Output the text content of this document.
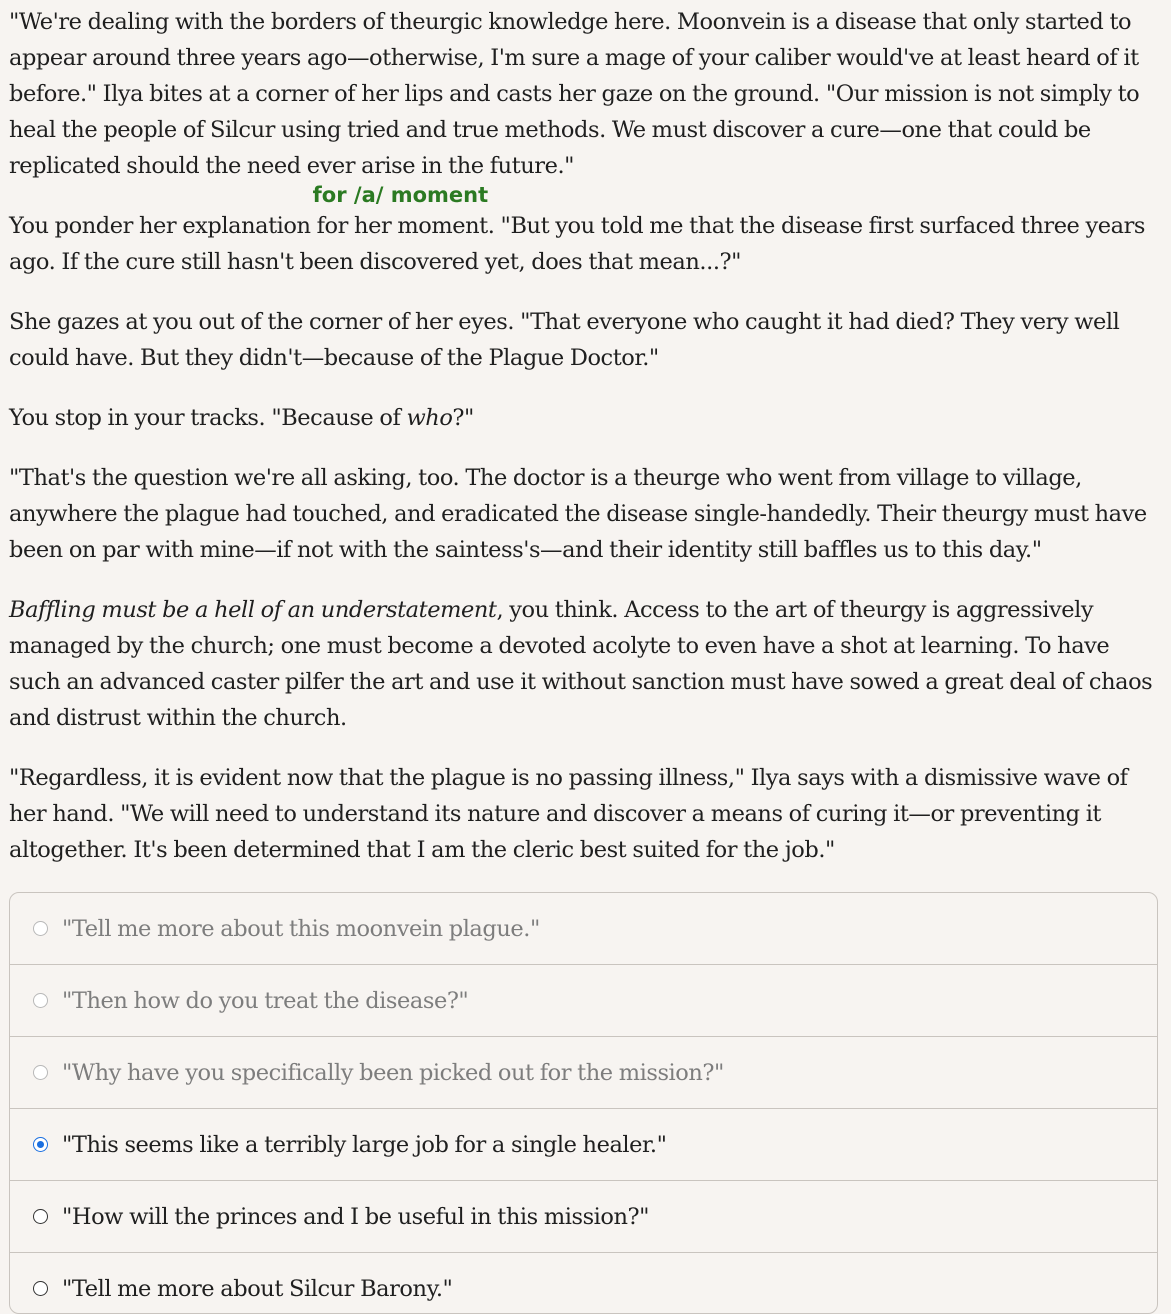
"We're dealing with the borders of theurgic knowledge here. Moonvein is a disease that only started to appear around three years ago—otherwise, I'm sure a mage of your caliber would've at least heard of it before." Ilya bites at a corner of her lips and casts her gaze on the ground. "Our mission is not simply to heal the people of Silcur using tried and true methods. We must discover a cure—one that could be replicated should the need ever arise in the future."

You ponder her explanation
for /a/ moment
for her moment. "But you told me that the disease first surfaced three years ago. If the cure still hasn't been discovered yet, does that mean...?"

She gazes at you out of the corner of her eyes. "That everyone who caught it had died? They very well could have. But they didn't—because of the Plague Doctor."

You stop in your tracks. "Because of who?"

"That's the question we're all asking, too. The doctor is a theurge who went from village to village, anywhere the plague had touched, and eradicated the disease single-handedly. Their theurgy must have been on par with mine—if not with the saintess's—and their identity still baffles us to this day."

Baffling must be a hell of an understatement, you think. Access to the art of theurgy is aggressively managed by the church; one must become a devoted acolyte to even have a shot at learning. To have such an advanced caster pilfer the art and use it without sanction must have sowed a great deal of chaos and distrust within the church.

"Regardless, it is evident now that the plague is no passing illness," Ilya says with a dismissive wave of her hand. "We will need to understand its nature and discover a means of curing it—or preventing it altogether. It's been determined that I am the cleric best suited for the job."

"Tell me more about this moonvein plague."
"Then how do you treat the disease?"
"Why have you specifically been picked out for the mission?"
"This seems like a terribly large job for a single healer."
"How will the princes and I be useful in this mission?"
"Tell me more about Silcur Barony."
